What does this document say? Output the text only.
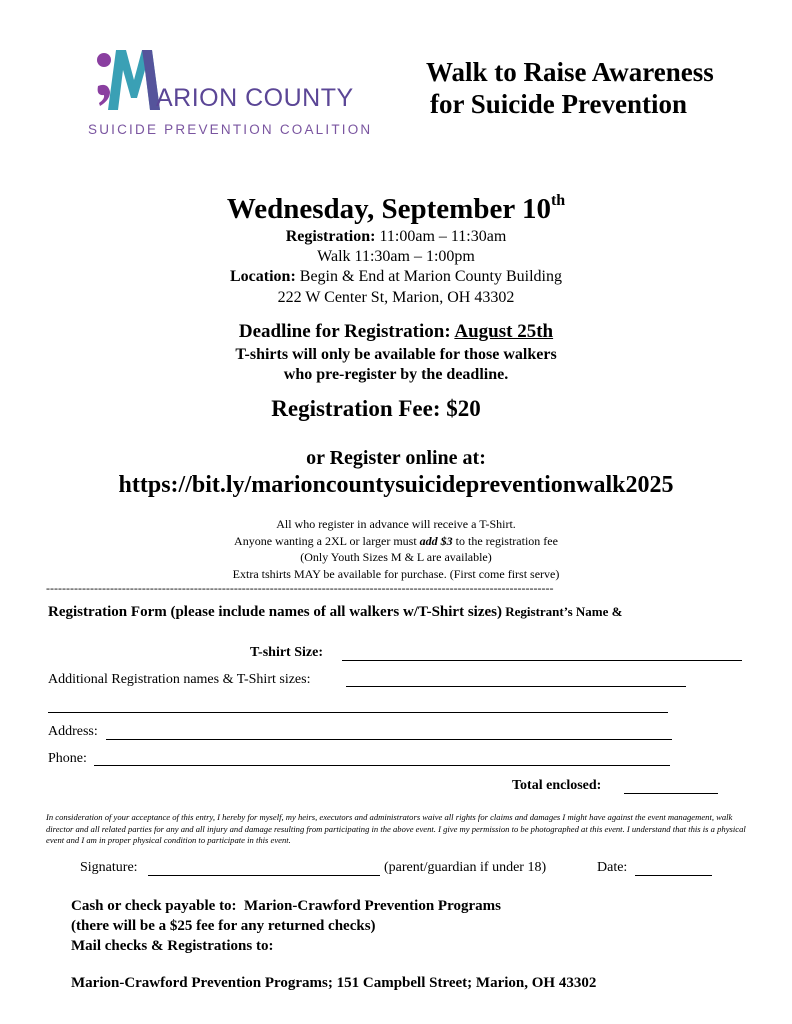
ARION COUNTY
SUICIDE PREVENTION COALITION
Walk to Raise Awareness
for Suicide Prevention
Wednesday, September 10th
Registration: 11:00am – 11:30am
Walk 11:30am – 1:00pm
Location: Begin & End at Marion County Building
222 W Center St, Marion, OH 43302
Deadline for Registration: August 25th
T-shirts will only be available for those walkers
who pre-register by the deadline.
Registration Fee: $20
or Register online at:
https://bit.ly/marioncountysuicidepreventionwalk2025
All who register in advance will receive a T-Shirt.
Anyone wanting a 2XL or larger must add $3 to the registration fee
(Only Youth Sizes M & L are available)
Extra tshirts MAY be available for purchase. (First come first serve)
-------------------------------------------------------------------------------------------------------------------------------
Registration Form (please include names of all walkers w/T-Shirt sizes) Registrant’s Name &
T-shirt Size:
Additional Registration names & T-Shirt sizes:
Address:
Phone:
Total enclosed:
In consideration of your acceptance of this entry, I hereby for myself, my heirs, executors and administrators waive all rights for claims and damages I might have against the event management, walk director and all related parties for any and all injury and damage resulting from participating in the above event. I give my permission to be photographed at this event. I understand that this is a physical event and I am in proper physical condition to participate in this event.
Signature:	(parent/guardian if under 18)	Date:
Cash or check payable to:  Marion-Crawford Prevention Programs
(there will be a $25 fee for any returned checks)
Mail checks & Registrations to:
Marion-Crawford Prevention Programs; 151 Campbell Street; Marion, OH 43302
